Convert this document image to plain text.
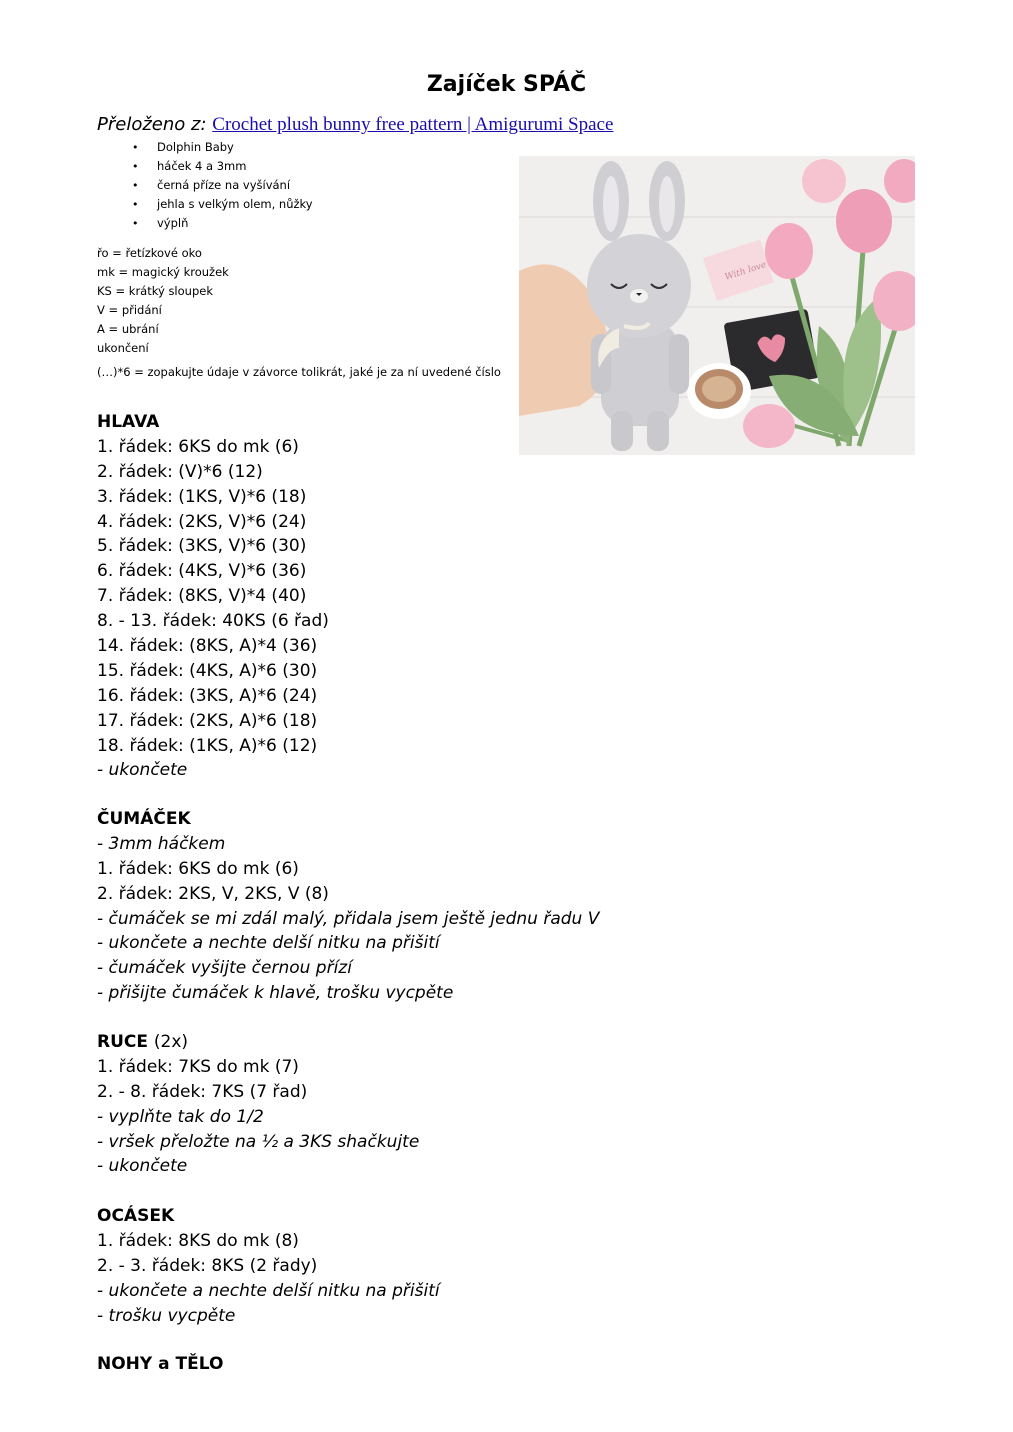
Zajíček SPÁČ
Přeloženo z: Crochet plush bunny free pattern | Amigurumi Space
• Dolphin Baby
• háček 4 a 3mm
• černá příze na vyšívání
• jehla s velkým olem, nůžky
• výplň
řo = řetízkové oko
mk = magický kroužek
KS = krátký sloupek
V = přidání
A = ubrání
ukončení
(…)*6 = zopakujte údaje v závorce tolikrát, jaké je za ní uvedené číslo
With love
HLAVA
1. řádek: 6KS do mk (6)
2. řádek: (V)*6 (12)
3. řádek: (1KS, V)*6 (18)
4. řádek: (2KS, V)*6 (24)
5. řádek: (3KS, V)*6 (30)
6. řádek: (4KS, V)*6 (36)
7. řádek: (8KS, V)*4 (40)
8. - 13. řádek: 40KS (6 řad)
14. řádek: (8KS, A)*4 (36)
15. řádek: (4KS, A)*6 (30)
16. řádek: (3KS, A)*6 (24)
17. řádek: (2KS, A)*6 (18)
18. řádek: (1KS, A)*6 (12)
- ukončete
ČUMÁČEK
- 3mm háčkem
1. řádek: 6KS do mk (6)
2. řádek: 2KS, V, 2KS, V (8)
- čumáček se mi zdál malý, přidala jsem ještě jednu řadu V
- ukončete a nechte delší nitku na přišití
- čumáček vyšijte černou přízí
- přišijte čumáček k hlavě, trošku vycpěte
RUCE (2x)
1. řádek: 7KS do mk (7)
2. - 8. řádek: 7KS (7 řad)
- vyplňte tak do 1/2
- vršek přeložte na ½ a 3KS shačkujte
- ukončete
OCÁSEK
1. řádek: 8KS do mk (8)
2. - 3. řádek: 8KS (2 řady)
- ukončete a nechte delší nitku na přišití
- trošku vycpěte
NOHY a TĚLO
